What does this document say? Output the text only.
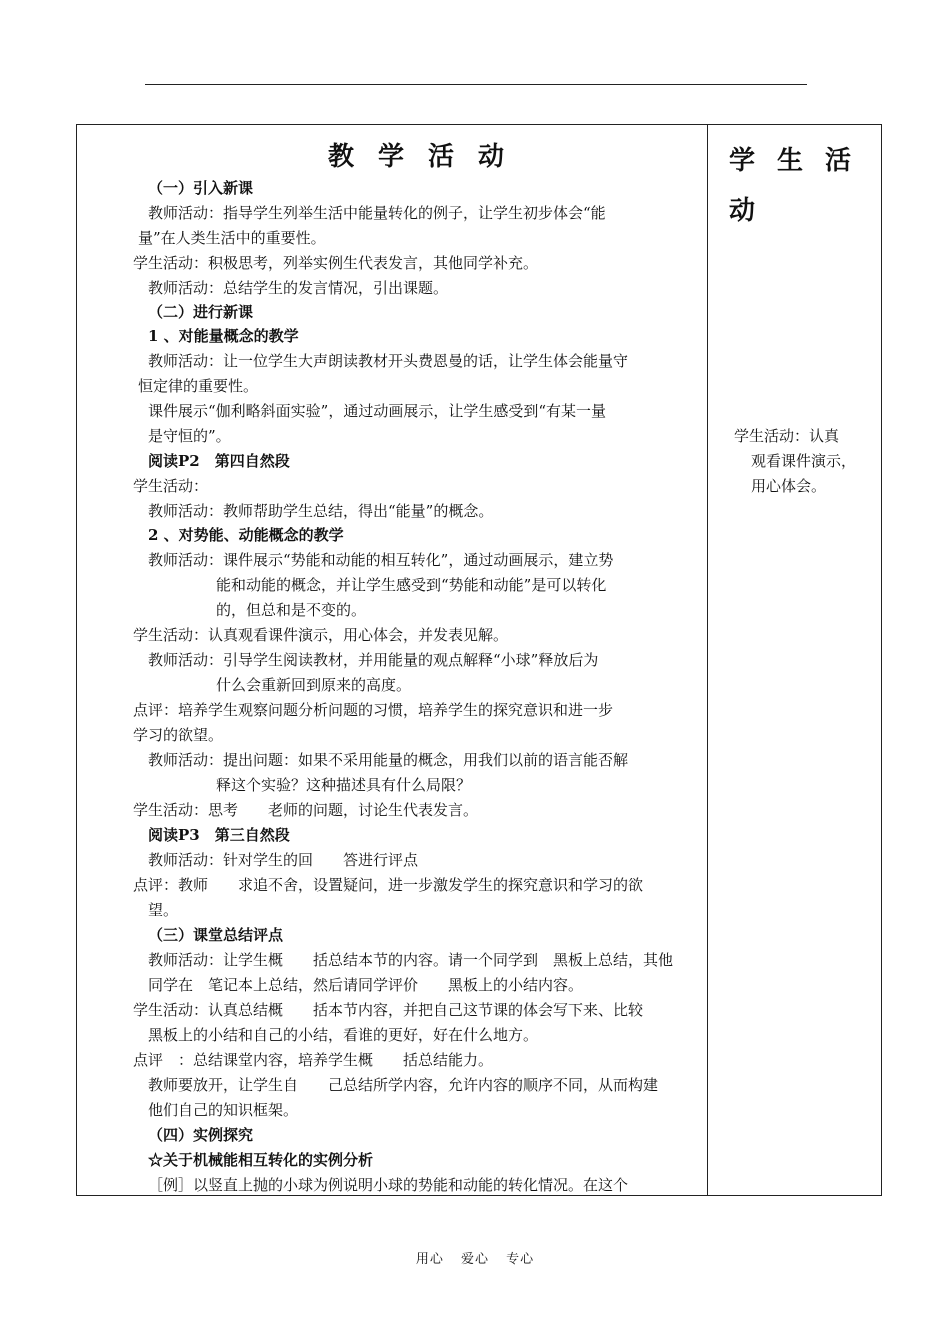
教学活动
（一）引入新课
教师活动：指导学生列举生活中能量转化的例子，让学生初步体会“能
量”在人类生活中的重要性。
学生活动：积极思考，列举实例生代表发言，其他同学补充。
教师活动：总结学生的发言情况，引出课题。
（二）进行新课
1 、对能量概念的教学
教师活动：让一位学生大声朗读教材开头费恩曼的话，让学生体会能量守
恒定律的重要性。
课件展示“伽利略斜面实验”，通过动画展示，让学生感受到“有某一量
是守恒的”。
阅读P2　第四自然段
学生活动：
教师活动：教师帮助学生总结，得出“能量”的概念。
2 、对势能、动能概念的教学
教师活动：课件展示“势能和动能的相互转化”，通过动画展示，建立势
能和动能的概念，并让学生感受到“势能和动能”是可以转化
的，但总和是不变的。
学生活动：认真观看课件演示，用心体会，并发表见解。
教师活动：引导学生阅读教材，并用能量的观点解释“小球”释放后为
什么会重新回到原来的高度。
点评：培养学生观察问题分析问题的习惯，培养学生的探究意识和进一步
学习的欲望。
教师活动：提出问题：如果不采用能量的概念，用我们以前的语言能否解
释这个实验？这种描述具有什么局限？
学生活动：思考　　老师的问题，讨论生代表发言。
阅读P3　第三自然段
教师活动：针对学生的回　　答进行评点
点评：教师　　求追不舍，设置疑问，进一步激发学生的探究意识和学习的欲
望。
（三）课堂总结评点
教师活动：让学生概　　括总结本节的内容。请一个同学到　黑板上总结，其他
同学在　笔记本上总结，然后请同学评价　　黑板上的小结内容。
学生活动：认真总结概　　括本节内容，并把自己这节课的体会写下来、比较
黑板上的小结和自己的小结，看谁的更好，好在什么地方。
点评　：总结课堂内容，培养学生概　　括总结能力。
教师要放开，让学生自　　己总结所学内容，允许内容的顺序不同，从而构建
他们自己的知识框架。
（四）实例探究
☆关于机械能相互转化的实例分析
［例］以竖直上抛的小球为例说明小球的势能和动能的转化情况。在这个
学生活动
学生活动：认真
观看课件演示，
用心体会。
用心 爱心 专心
